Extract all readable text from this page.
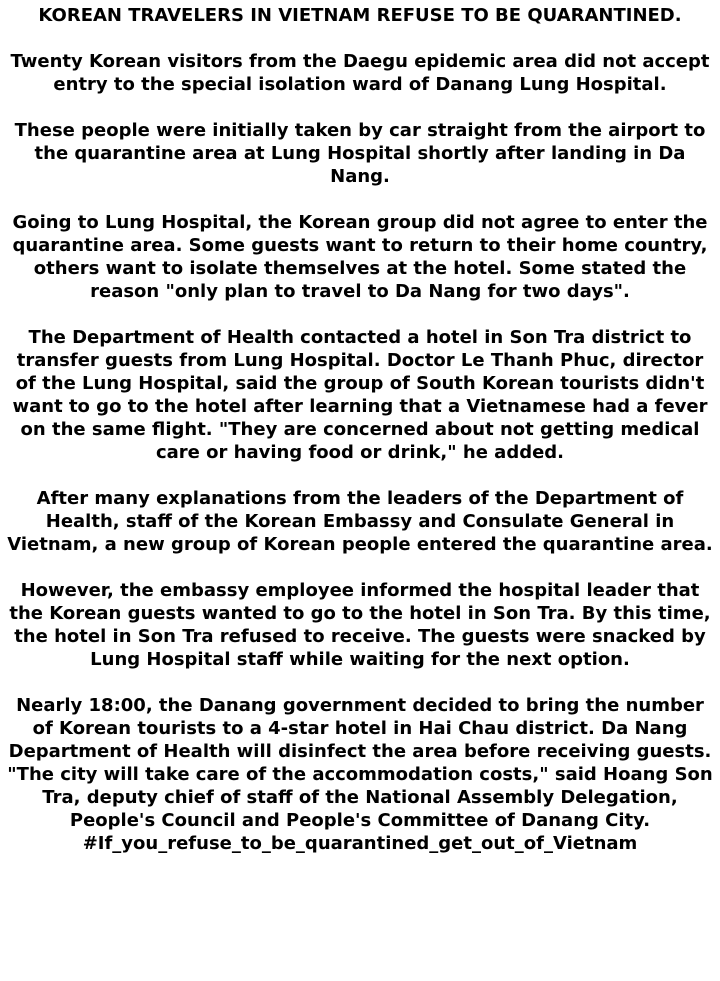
KOREAN TRAVELERS IN VIETNAM REFUSE TO BE QUARANTINED.
Twenty Korean visitors from the Daegu epidemic area did not accept entry to the special isolation ward of Danang Lung Hospital.
These people were initially taken by car straight from the airport to the quarantine area at Lung Hospital shortly after landing in Da Nang.
Going to Lung Hospital, the Korean group did not agree to enter the quarantine area. Some guests want to return to their home country, others want to isolate themselves at the hotel. Some stated the reason "only plan to travel to Da Nang for two days".
The Department of Health contacted a hotel in Son Tra district to transfer guests from Lung Hospital. Doctor Le Thanh Phuc, director of the Lung Hospital, said the group of South Korean tourists didn't want to go to the hotel after learning that a Vietnamese had a fever on the same flight. "They are concerned about not getting medical care or having food or drink," he added.
After many explanations from the leaders of the Department of Health, staff of the Korean Embassy and Consulate General in Vietnam, a new group of Korean people entered the quarantine area.
However, the embassy employee informed the hospital leader that the Korean guests wanted to go to the hotel in Son Tra. By this time, the hotel in Son Tra refused to receive. The guests were snacked by Lung Hospital staff while waiting for the next option.
Nearly 18:00, the Danang government decided to bring the number of Korean tourists to a 4-star hotel in Hai Chau district. Da Nang Department of Health will disinfect the area before receiving guests. "The city will take care of the accommodation costs," said Hoang Son Tra, deputy chief of staff of the National Assembly Delegation, People's Council and People's Committee of Danang City.
#If_you_refuse_to_be_quarantined_get_out_of_Vietnam
